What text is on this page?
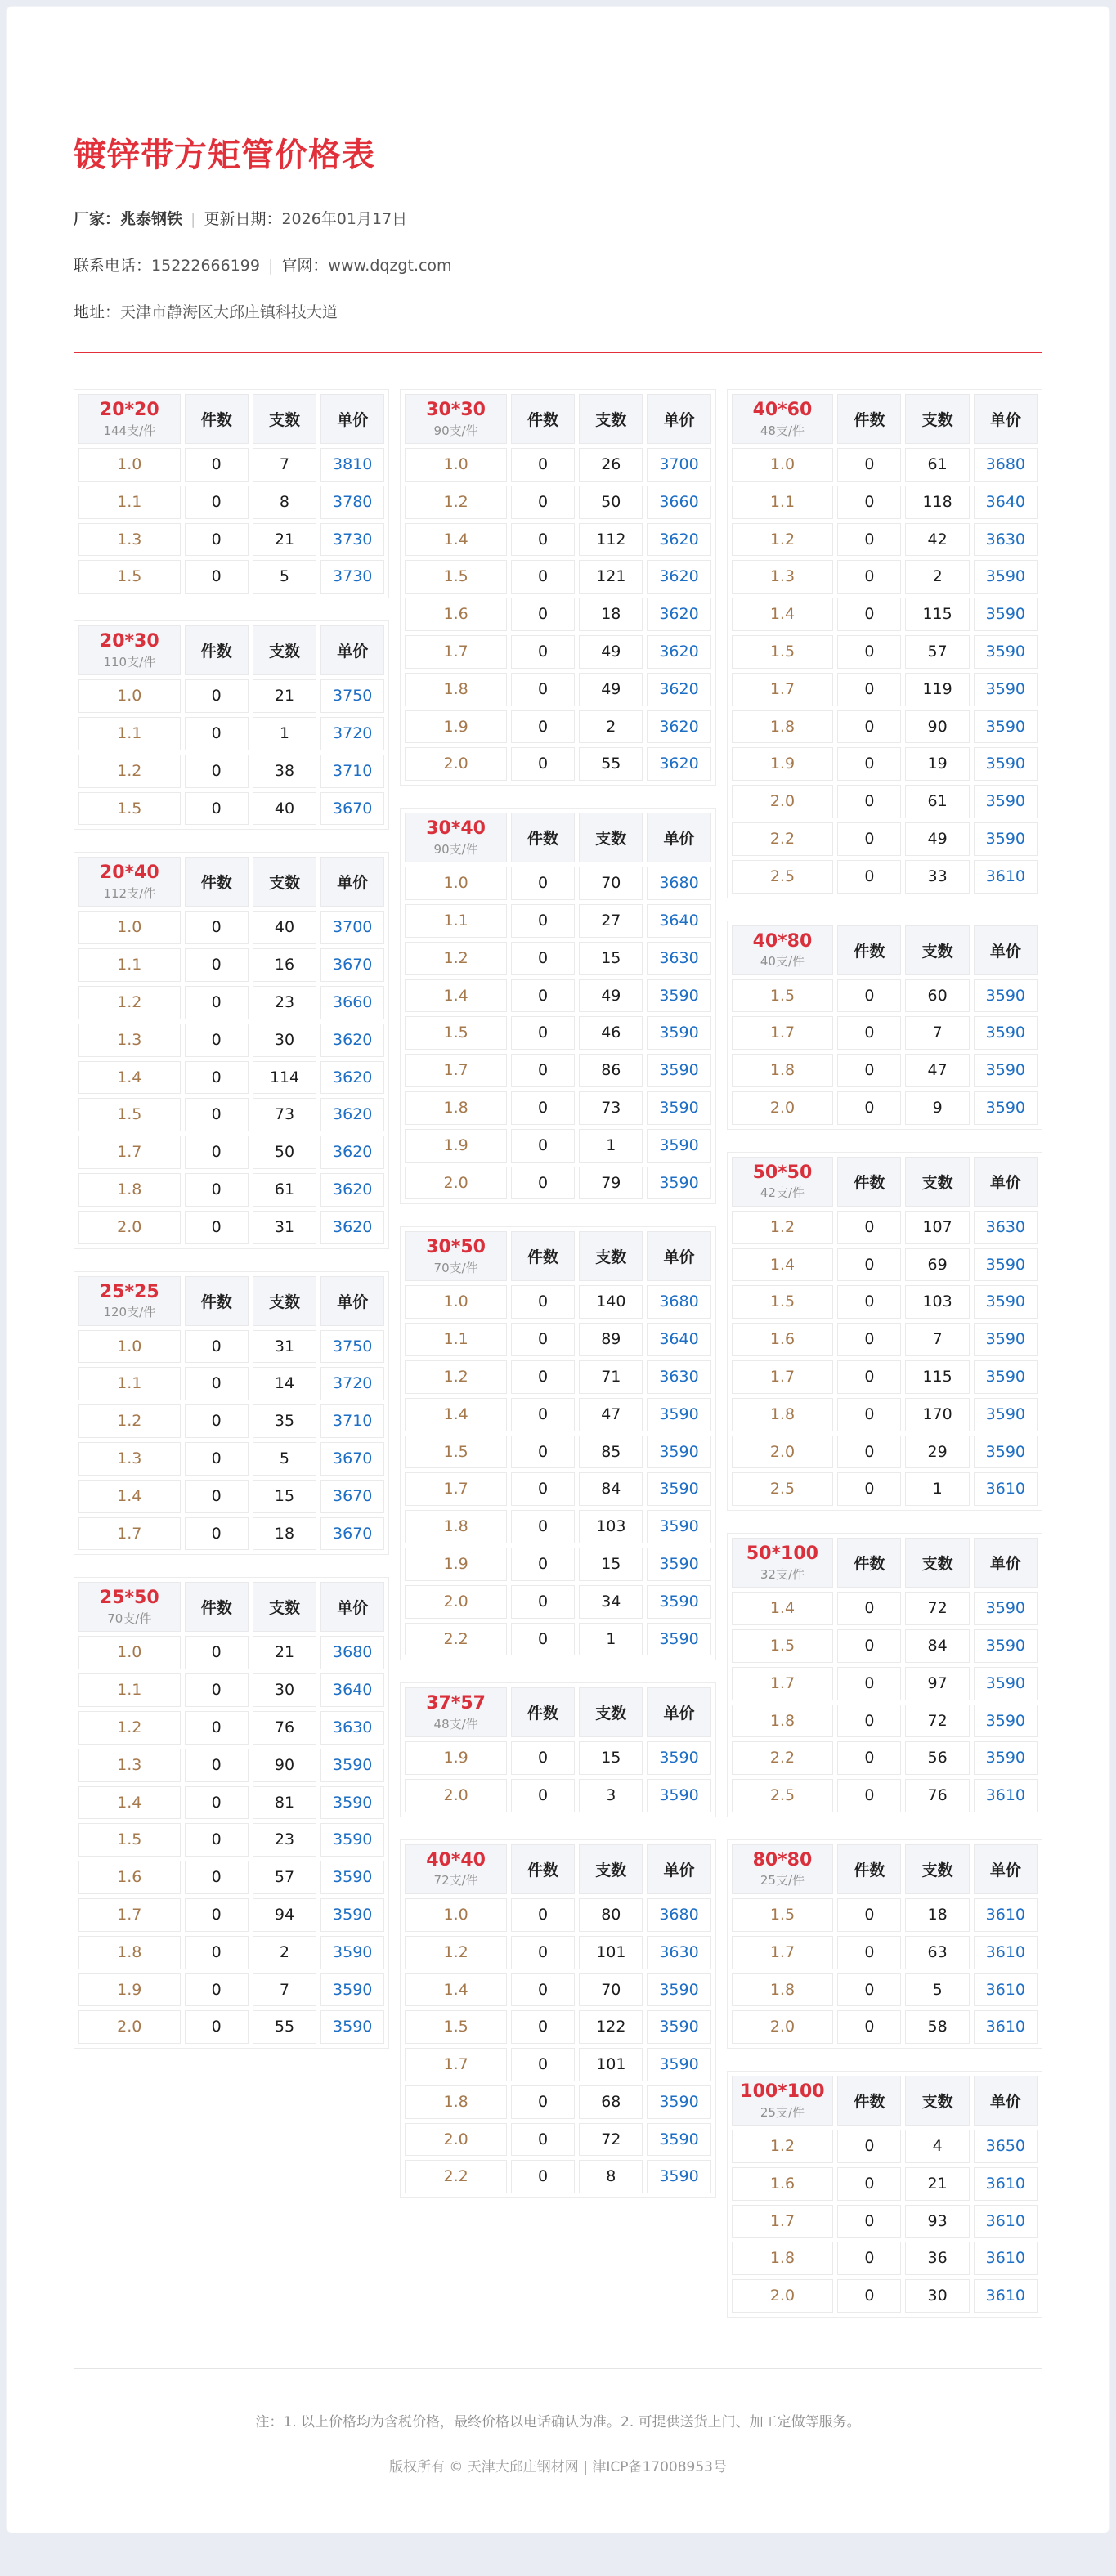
镀锌带方矩管价格表
厂家：兆泰钢铁 | 更新日期：2026年01月17日
联系电话：15222666199 | 官网：www.dqzgt.com
地址：天津市静海区大邱庄镇科技大道
20*20
144支/件	件数	支数	单价
1.0	0	7	3810
1.1	0	8	3780
1.3	0	21	3730
1.5	0	5	3730
20*30
110支/件	件数	支数	单价
1.0	0	21	3750
1.1	0	1	3720
1.2	0	38	3710
1.5	0	40	3670
20*40
112支/件	件数	支数	单价
1.0	0	40	3700
1.1	0	16	3670
1.2	0	23	3660
1.3	0	30	3620
1.4	0	114	3620
1.5	0	73	3620
1.7	0	50	3620
1.8	0	61	3620
2.0	0	31	3620
25*25
120支/件	件数	支数	单价
1.0	0	31	3750
1.1	0	14	3720
1.2	0	35	3710
1.3	0	5	3670
1.4	0	15	3670
1.7	0	18	3670
25*50
70支/件	件数	支数	单价
1.0	0	21	3680
1.1	0	30	3640
1.2	0	76	3630
1.3	0	90	3590
1.4	0	81	3590
1.5	0	23	3590
1.6	0	57	3590
1.7	0	94	3590
1.8	0	2	3590
1.9	0	7	3590
2.0	0	55	3590
30*30
90支/件	件数	支数	单价
1.0	0	26	3700
1.2	0	50	3660
1.4	0	112	3620
1.5	0	121	3620
1.6	0	18	3620
1.7	0	49	3620
1.8	0	49	3620
1.9	0	2	3620
2.0	0	55	3620
30*40
90支/件	件数	支数	单价
1.0	0	70	3680
1.1	0	27	3640
1.2	0	15	3630
1.4	0	49	3590
1.5	0	46	3590
1.7	0	86	3590
1.8	0	73	3590
1.9	0	1	3590
2.0	0	79	3590
30*50
70支/件	件数	支数	单价
1.0	0	140	3680
1.1	0	89	3640
1.2	0	71	3630
1.4	0	47	3590
1.5	0	85	3590
1.7	0	84	3590
1.8	0	103	3590
1.9	0	15	3590
2.0	0	34	3590
2.2	0	1	3590
37*57
48支/件	件数	支数	单价
1.9	0	15	3590
2.0	0	3	3590
40*40
72支/件	件数	支数	单价
1.0	0	80	3680
1.2	0	101	3630
1.4	0	70	3590
1.5	0	122	3590
1.7	0	101	3590
1.8	0	68	3590
2.0	0	72	3590
2.2	0	8	3590
40*60
48支/件	件数	支数	单价
1.0	0	61	3680
1.1	0	118	3640
1.2	0	42	3630
1.3	0	2	3590
1.4	0	115	3590
1.5	0	57	3590
1.7	0	119	3590
1.8	0	90	3590
1.9	0	19	3590
2.0	0	61	3590
2.2	0	49	3590
2.5	0	33	3610
40*80
40支/件	件数	支数	单价
1.5	0	60	3590
1.7	0	7	3590
1.8	0	47	3590
2.0	0	9	3590
50*50
42支/件	件数	支数	单价
1.2	0	107	3630
1.4	0	69	3590
1.5	0	103	3590
1.6	0	7	3590
1.7	0	115	3590
1.8	0	170	3590
2.0	0	29	3590
2.5	0	1	3610
50*100
32支/件	件数	支数	单价
1.4	0	72	3590
1.5	0	84	3590
1.7	0	97	3590
1.8	0	72	3590
2.2	0	56	3590
2.5	0	76	3610
80*80
25支/件	件数	支数	单价
1.5	0	18	3610
1.7	0	63	3610
1.8	0	5	3610
2.0	0	58	3610
100*100
25支/件	件数	支数	单价
1.2	0	4	3650
1.6	0	21	3610
1.7	0	93	3610
1.8	0	36	3610
2.0	0	30	3610
注：1. 以上价格均为含税价格，最终价格以电话确认为准。2. 可提供送货上门、加工定做等服务。
版权所有 © 天津大邱庄钢材网 | 津ICP备17008953号
